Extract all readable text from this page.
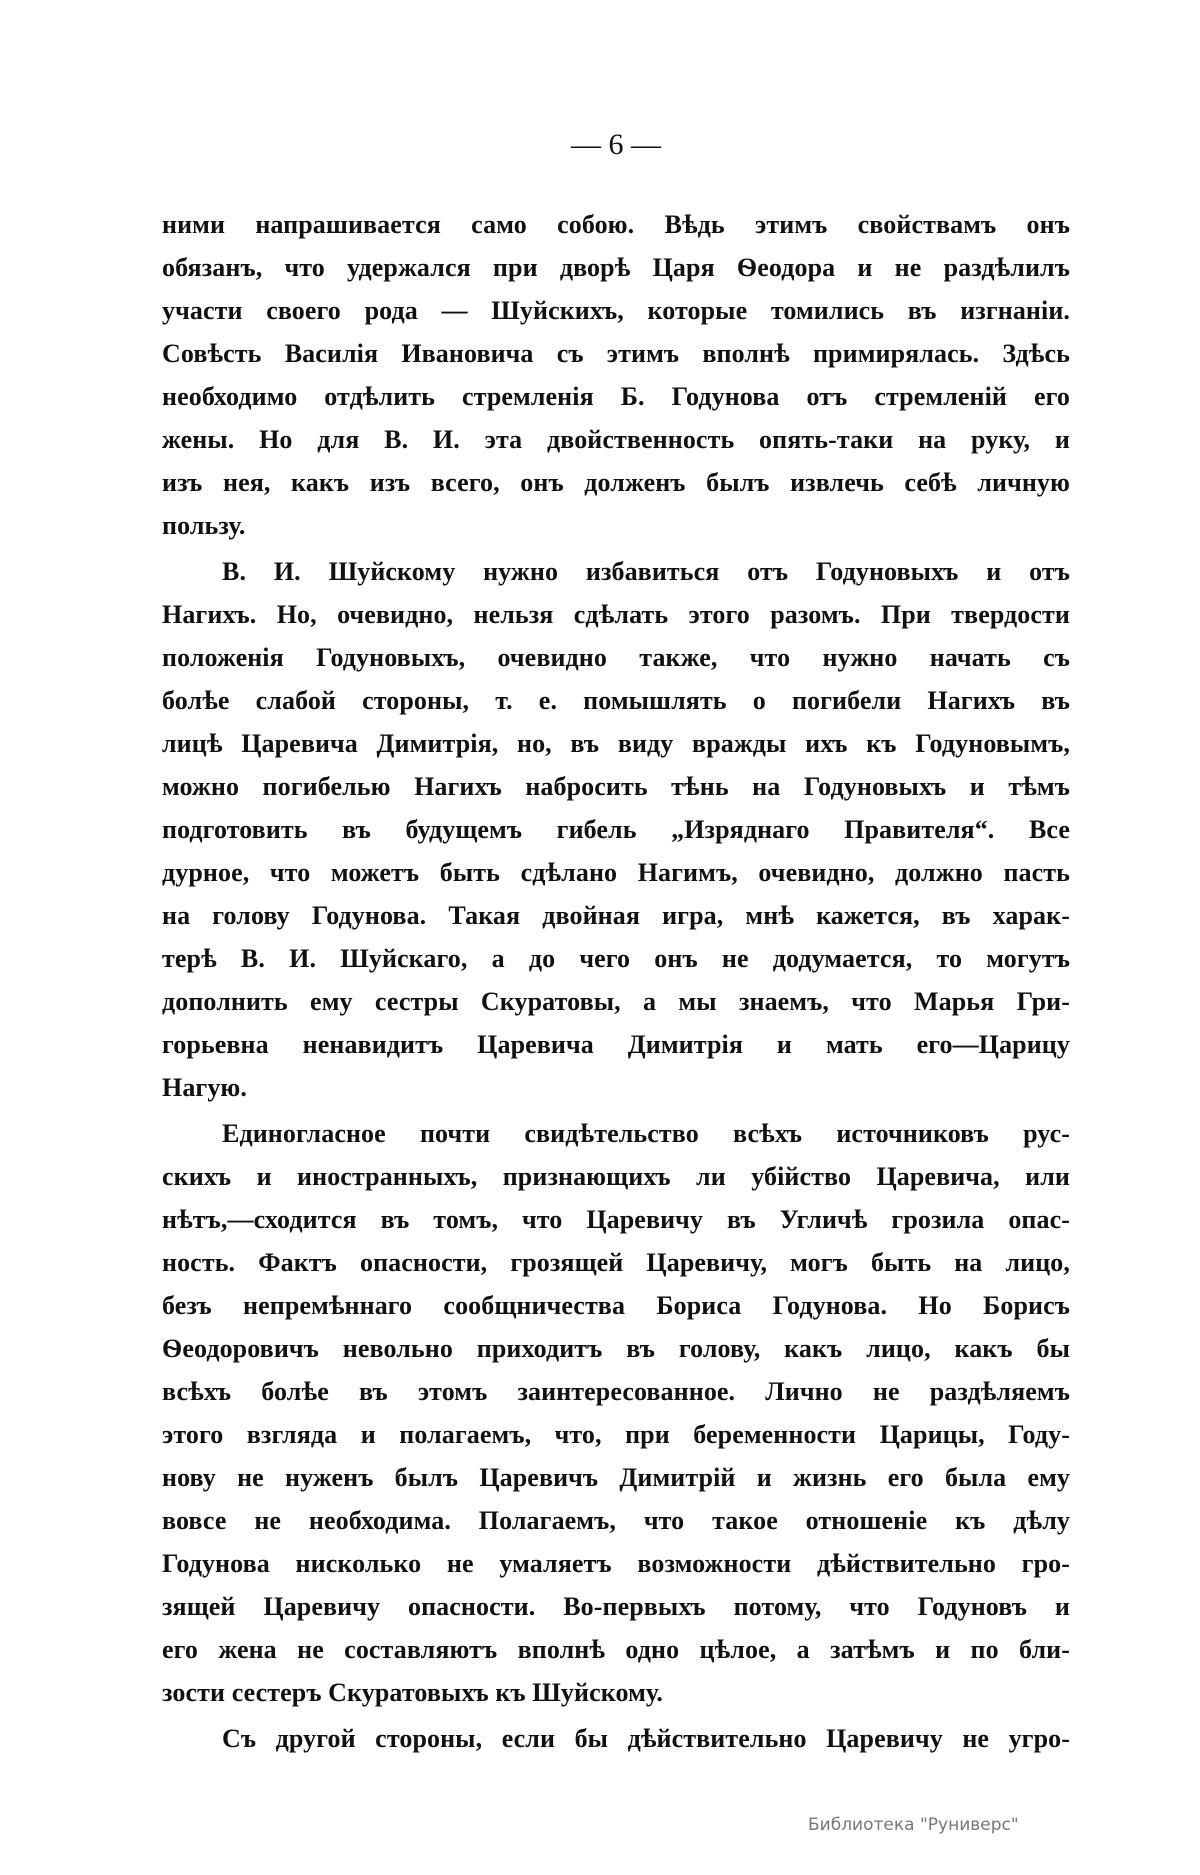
— 6 —
ними напрашивается само собою. Вѣдь этимъ свойствамъ онъ
обязанъ, что удержался при дворѣ Царя Ѳеодора и не раздѣлилъ
участи своего рода — Шуйскихъ, которые томились въ изгнаніи.
Совѣсть Василія Ивановича съ этимъ вполнѣ примирялась. Здѣсь
необходимо отдѣлить стремленія Б. Годунова отъ стремленій его
жены. Но для В. И. эта двойственность опять-таки на руку, и
изъ нея, какъ изъ всего, онъ долженъ былъ извлечь себѣ личную
пользу.
В. И. Шуйскому нужно избавиться отъ Годуновыхъ и отъ
Нагихъ. Но, очевидно, нельзя сдѣлать этого разомъ. При твердости
положенія Годуновыхъ, очевидно также, что нужно начать съ
болѣе слабой стороны, т. е. помышлять о погибели Нагихъ въ
лицѣ Царевича Димитрія, но, въ виду вражды ихъ къ Годуновымъ,
можно погибелью Нагихъ набросить тѣнь на Годуновыхъ и тѣмъ
подготовить въ будущемъ гибель „Изряднаго Правителя“. Все
дурное, что можетъ быть сдѣлано Нагимъ, очевидно, должно пасть
на голову Годунова. Такая двойная игра, мнѣ кажется, въ харак-
терѣ В. И. Шуйскаго, а до чего онъ не додумается, то могутъ
дополнить ему сестры Скуратовы, а мы знаемъ, что Марья Гри-
горьевна ненавидитъ Царевича Димитрія и мать его—Царицу
Нагую.
Единогласное почти свидѣтельство всѣхъ источниковъ рус-
скихъ и иностранныхъ, признающихъ ли убійство Царевича, или
нѣтъ,—сходится въ томъ, что Царевичу въ Угличѣ грозила опас-
ность. Фактъ опасности, грозящей Царевичу, могъ быть на лицо,
безъ непремѣннаго сообщничества Бориса Годунова. Но Борисъ
Ѳеодоровичъ невольно приходитъ въ голову, какъ лицо, какъ бы
всѣхъ болѣе въ этомъ заинтересованное. Лично не раздѣляемъ
этого взгляда и полагаемъ, что, при беременности Царицы, Году-
нову не нуженъ былъ Царевичъ Димитрій и жизнь его была ему
вовсе не необходима. Полагаемъ, что такое отношеніе къ дѣлу
Годунова нисколько не умаляетъ возможности дѣйствительно гро-
зящей Царевичу опасности. Во-первыхъ потому, что Годуновъ и
его жена не составляютъ вполнѣ одно цѣлое, а затѣмъ и по бли-
зости сестеръ Скуратовыхъ къ Шуйскому.
Съ другой стороны, если бы дѣйствительно Царевичу не угро-
Библиотека "Руниверс"
